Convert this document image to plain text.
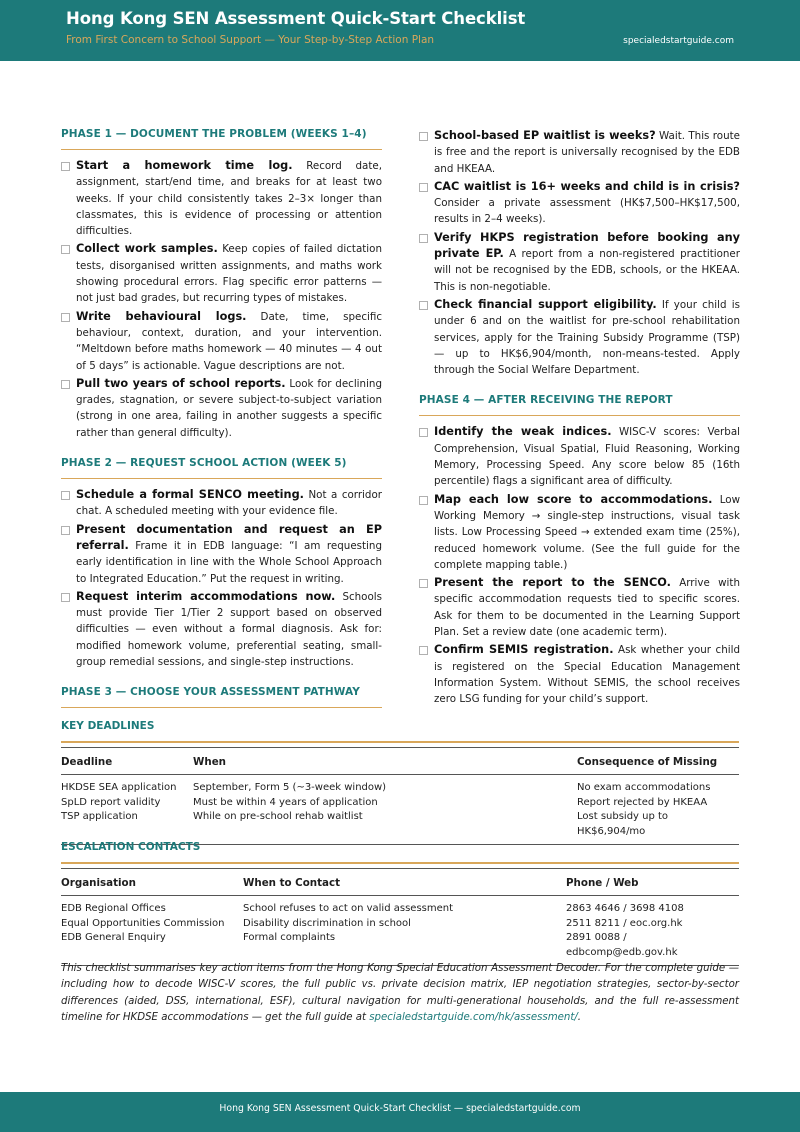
Hong Kong SEN Assessment Quick-Start Checklist
From First Concern to School Support — Your Step-by-Step Action Plan	specialedstartguide.com
PHASE 1 — DOCUMENT THE PROBLEM (WEEKS 1–4)
Start a homework time log. Record date, assignment, start/end time, and breaks for at least two weeks. If your child consistently takes 2–3× longer than classmates, this is evidence of processing or attention difficulties.
Collect work samples. Keep copies of failed dictation tests, disorganised written assignments, and maths work showing procedural errors. Flag specific error patterns — not just bad grades, but recurring types of mistakes.
Write behavioural logs. Date, time, specific behaviour, context, duration, and your intervention. “Meltdown before maths homework — 40 minutes — 4 out of 5 days” is actionable. Vague descriptions are not.
Pull two years of school reports. Look for declining grades, stagnation, or severe subject-to-subject variation (strong in one area, failing in another suggests a specific rather than general difficulty).
PHASE 2 — REQUEST SCHOOL ACTION (WEEK 5)
Schedule a formal SENCO meeting. Not a corridor chat. A scheduled meeting with your evidence file.
Present documentation and request an EP referral. Frame it in EDB language: “I am requesting early identification in line with the Whole School Approach to Integrated Education.” Put the request in writing.
Request interim accommodations now. Schools must provide Tier 1/Tier 2 support based on observed difficulties — even without a formal diagnosis. Ask for: modified homework volume, preferential seating, small-group remedial sessions, and single-step instructions.
PHASE 3 — CHOOSE YOUR ASSESSMENT PATHWAY
School-based EP waitlist is weeks? Wait. This route is free and the report is universally recognised by the EDB and HKEAA.
CAC waitlist is 16+ weeks and child is in crisis? Consider a private assessment (HK$7,500–HK$17,500, results in 2–4 weeks).
Verify HKPS registration before booking any private EP. A report from a non-registered practitioner will not be recognised by the EDB, schools, or the HKEAA. This is non-negotiable.
Check financial support eligibility. If your child is under 6 and on the waitlist for pre-school rehabilitation services, apply for the Training Subsidy Programme (TSP) — up to HK$6,904/month, non-means-tested. Apply through the Social Welfare Department.
PHASE 4 — AFTER RECEIVING THE REPORT
Identify the weak indices. WISC-V scores: Verbal Comprehension, Visual Spatial, Fluid Reasoning, Working Memory, Processing Speed. Any score below 85 (16th percentile) flags a significant area of difficulty.
Map each low score to accommodations. Low Working Memory → single-step instructions, visual task lists. Low Processing Speed → extended exam time (25%), reduced homework volume. (See the full guide for the complete mapping table.)
Present the report to the SENCO. Arrive with specific accommodation requests tied to specific scores. Ask for them to be documented in the Learning Support Plan. Set a review date (one academic term).
Confirm SEMIS registration. Ask whether your child is registered on the Special Education Management Information System. Without SEMIS, the school receives zero LSG funding for your child’s support.
KEY DEADLINES
Deadline	When	Consequence of Missing
HKDSE SEA application	September, Form 5 (~3-week window)	No exam accommodations
SpLD report validity	Must be within 4 years of application	Report rejected by HKEAA
TSP application	While on pre-school rehab waitlist	Lost subsidy up to HK$6,904/mo
ESCALATION CONTACTS
Organisation	When to Contact	Phone / Web
EDB Regional Offices	School refuses to act on valid assessment	2863 4646 / 3698 4108
Equal Opportunities Commission	Disability discrimination in school	2511 8211 / eoc.org.hk
EDB General Enquiry	Formal complaints	2891 0088 / edbcomp@edb.gov.hk
This checklist summarises key action items from the Hong Kong Special Education Assessment Decoder. For the complete guide — including how to decode WISC-V scores, the full public vs. private decision matrix, IEP negotiation strategies, sector-by-sector differences (aided, DSS, international, ESF), cultural navigation for multi-generational households, and the full re-assessment timeline for HKDSE accommodations — get the full guide at specialedstartguide.com/hk/assessment/.
Hong Kong SEN Assessment Quick-Start Checklist — specialedstartguide.com
